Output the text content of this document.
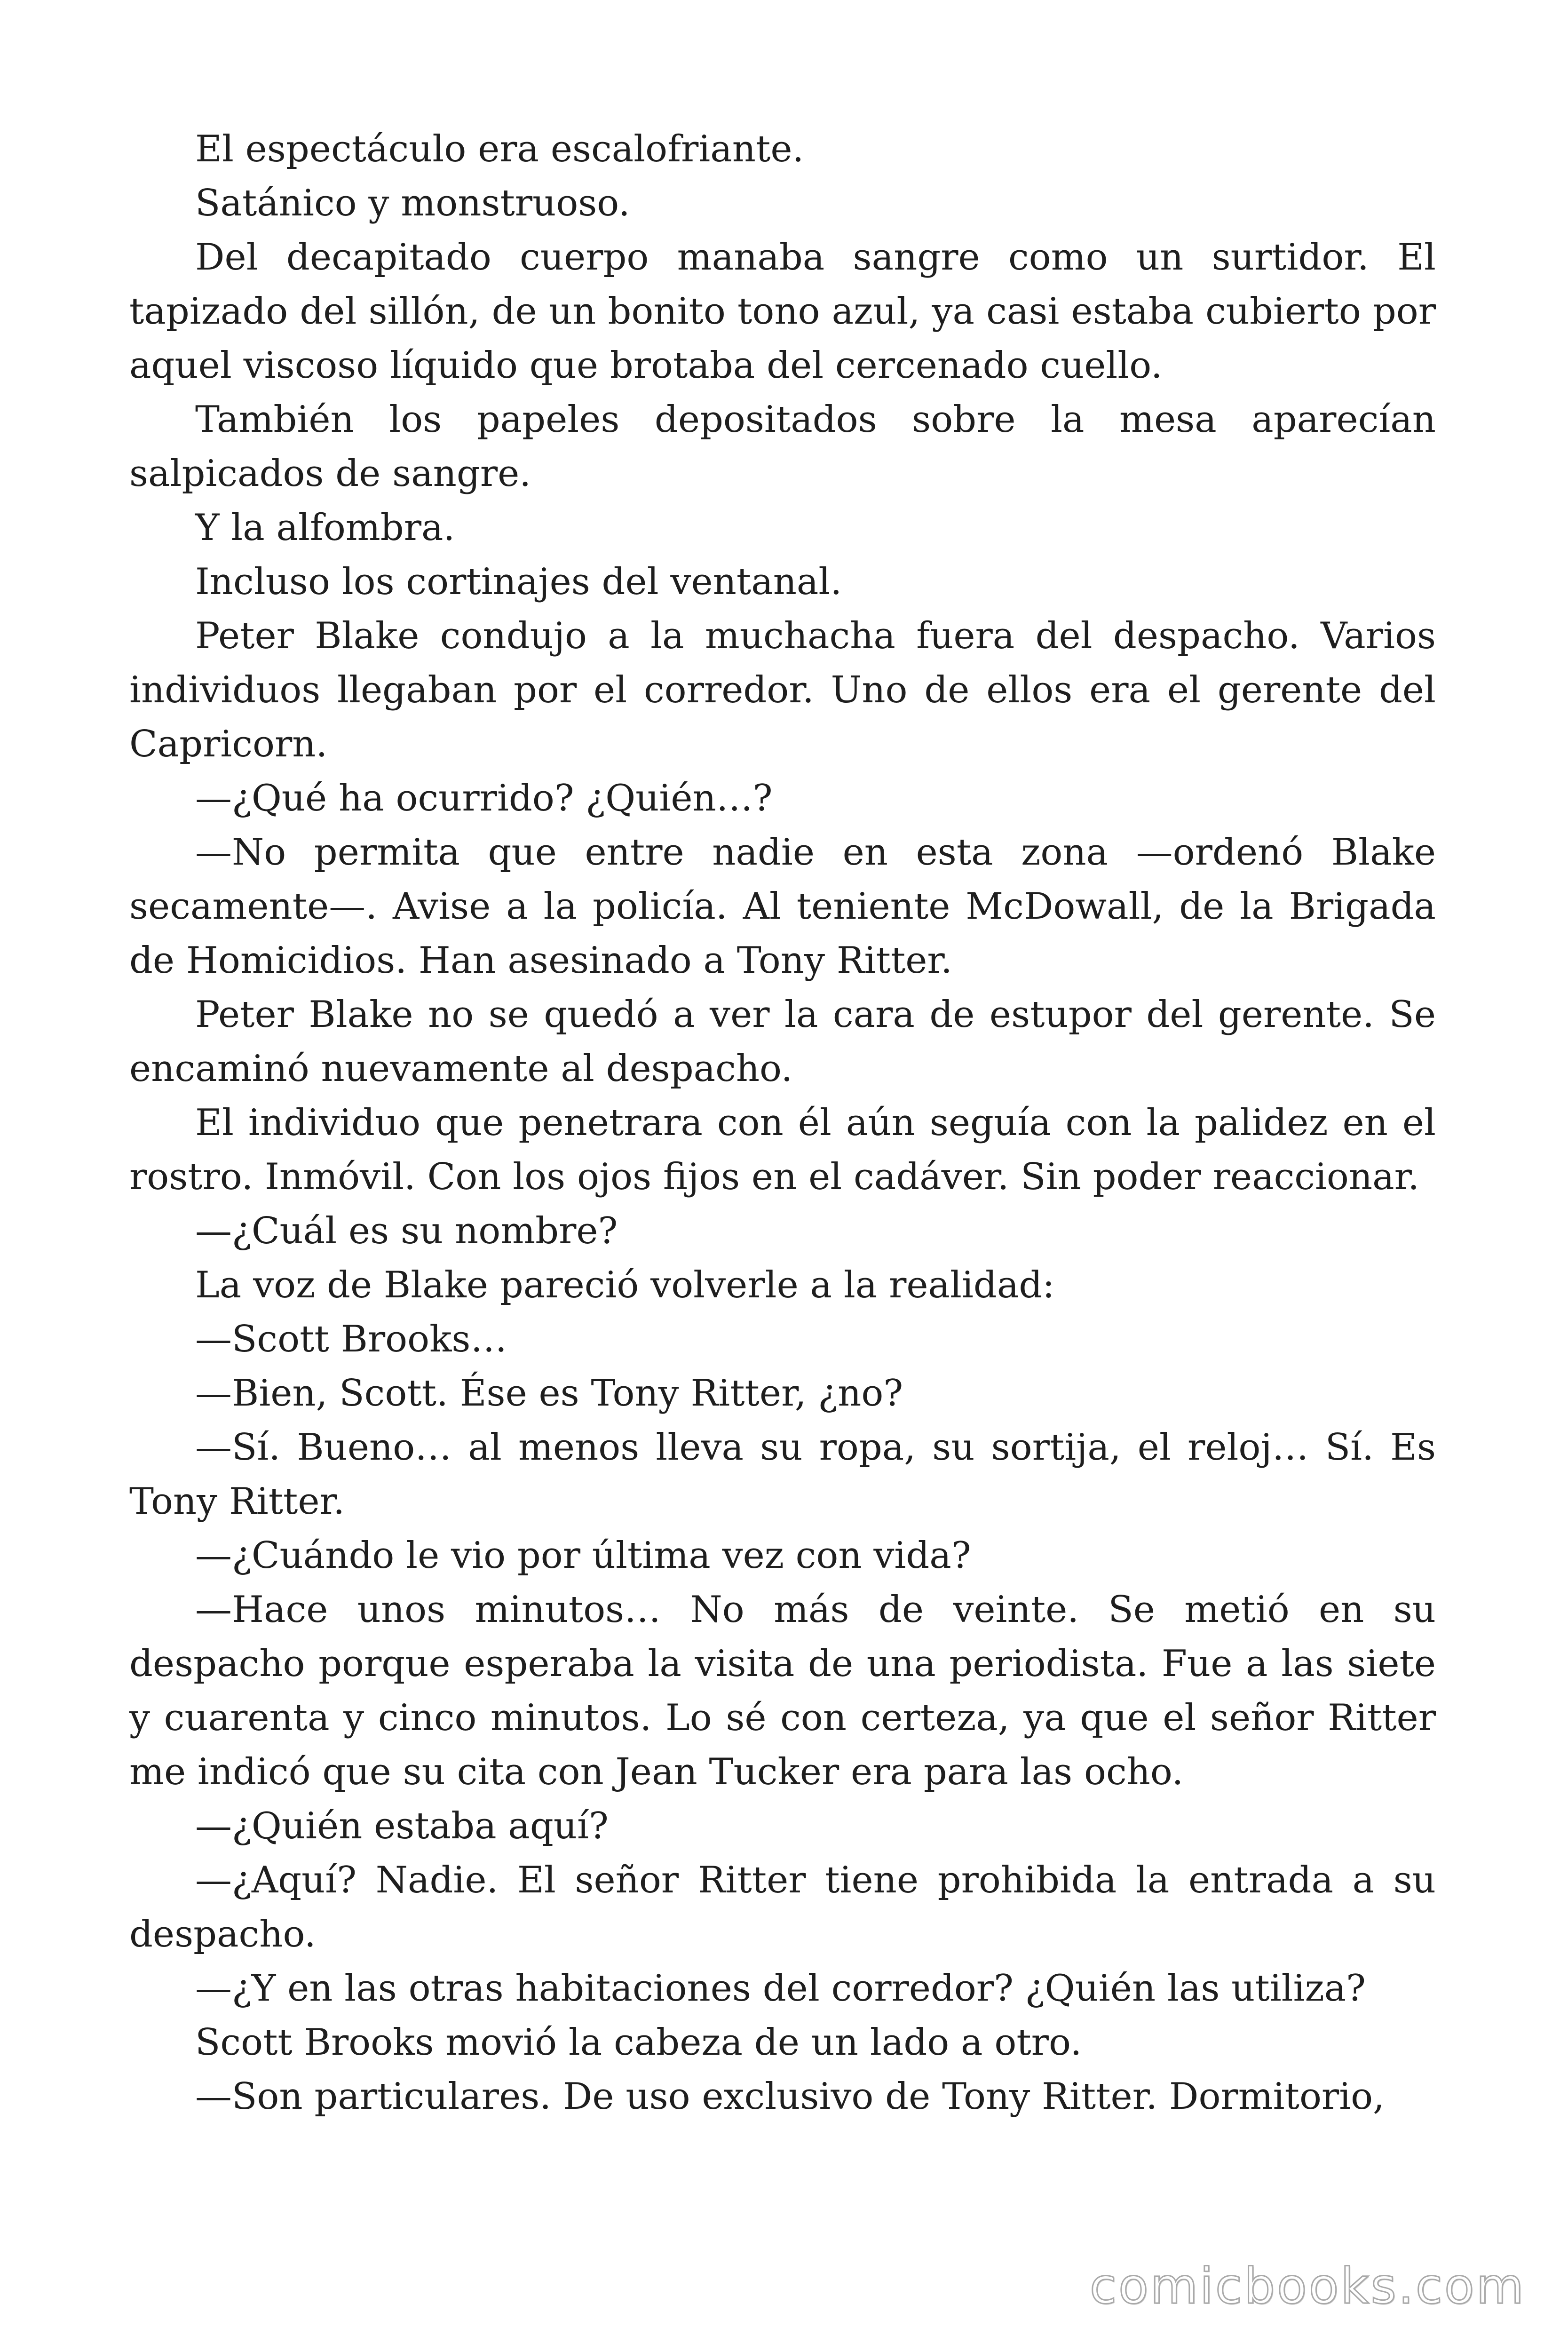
El espectáculo era escalofriante.

Satánico y monstruoso.

Del decapitado cuerpo manaba sangre como un surtidor. El tapizado del sillón, de un bonito tono azul, ya casi estaba cubierto por aquel viscoso líquido que brotaba del cercenado cuello.

También los papeles depositados sobre la mesa aparecían salpicados de sangre.

Y la alfombra.

Incluso los cortinajes del ventanal.

Peter Blake condujo a la muchacha fuera del despacho. Varios individuos llegaban por el corredor. Uno de ellos era el gerente del Capricorn.

—¿Qué ha ocurrido? ¿Quién…?

—No permita que entre nadie en esta zona —ordenó Blake secamente—. Avise a la policía. Al teniente McDowall, de la Brigada de Homicidios. Han asesinado a Tony Ritter.

Peter Blake no se quedó a ver la cara de estupor del gerente. Se encaminó nuevamente al despacho.

El individuo que penetrara con él aún seguía con la palidez en el rostro. Inmóvil. Con los ojos fijos en el cadáver. Sin poder reaccionar.

—¿Cuál es su nombre?

La voz de Blake pareció volverle a la realidad:

—Scott Brooks…

—Bien, Scott. Ése es Tony Ritter, ¿no?

—Sí. Bueno… al menos lleva su ropa, su sortija, el reloj… Sí. Es Tony Ritter.

—¿Cuándo le vio por última vez con vida?

—Hace unos minutos… No más de veinte. Se metió en su despacho porque esperaba la visita de una periodista. Fue a las siete y cuarenta y cinco minutos. Lo sé con certeza, ya que el señor Ritter me indicó que su cita con Jean Tucker era para las ocho.

—¿Quién estaba aquí?

—¿Aquí? Nadie. El señor Ritter tiene prohibida la entrada a su despacho.

—¿Y en las otras habitaciones del corredor? ¿Quién las utiliza?

Scott Brooks movió la cabeza de un lado a otro.

—Son particulares. De uso exclusivo de Tony Ritter. Dormitorio,

comicbooks.com
